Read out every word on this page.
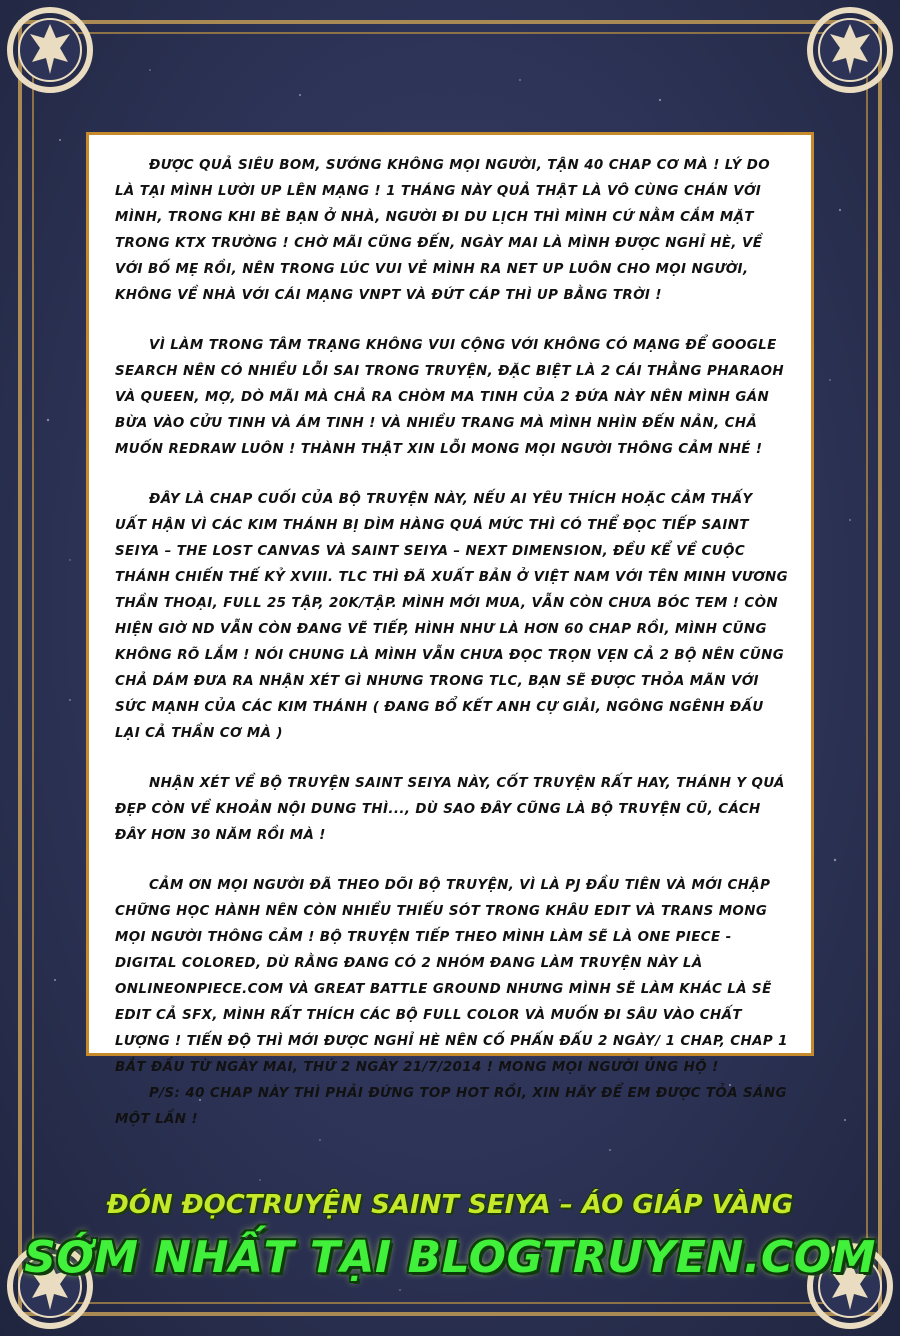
ĐƯỢC QUẢ SIÊU BOM, SƯỚNG KHÔNG MỌI NGƯỜI, TẬN 40 CHAP CƠ MÀ ! LÝ DO LÀ TẠI MÌNH LƯỜI UP LÊN MẠNG ! 1 THÁNG NÀY QUẢ THẬT LÀ VÔ CÙNG CHÁN VỚI MÌNH, TRONG KHI BÈ BẠN Ở NHÀ, NGƯỜI ĐI DU LỊCH THÌ MÌNH CỨ NẰM CẮM MẶT TRONG KTX TRƯỜNG ! CHỜ MÃI CŨNG ĐẾN, NGÀY MAI LÀ MÌNH ĐƯỢC NGHỈ HÈ, VỀ VỚI BỐ MẸ RỒI, NÊN TRONG LÚC VUI VẺ MÌNH RA NET UP LUÔN CHO MỌI NGƯỜI, KHÔNG VỀ NHÀ VỚI CÁI MẠNG VNPT VÀ ĐỨT CÁP THÌ UP BẰNG TRỜI !

VÌ LÀM TRONG TÂM TRẠNG KHÔNG VUI CỘNG VỚI KHÔNG CÓ MẠNG ĐỂ GOOGLE SEARCH NÊN CÓ NHIỀU LỖI SAI TRONG TRUYỆN, ĐẶC BIỆT LÀ 2 CÁI THẰNG PHARAOH VÀ QUEEN, MỢ, DÒ MÃI MÀ CHẢ RA CHÒM MA TINH CỦA 2 ĐỨA NÀY NÊN MÌNH GÁN BỪA VÀO CỬU TINH VÀ ÁM TINH ! VÀ NHIỀU TRANG MÀ MÌNH NHÌN ĐẾN NẢN, CHẢ MUỐN REDRAW LUÔN ! THÀNH THẬT XIN LỖI MONG MỌI NGƯỜI THÔNG CẢM NHÉ !

ĐÂY LÀ CHAP CUỐI CỦA BỘ TRUYỆN NÀY, NẾU AI YÊU THÍCH HOẶC CẢM THẤY UẤT HẬN VÌ CÁC KIM THÁNH BỊ DÌM HÀNG QUÁ MỨC THÌ CÓ THỂ ĐỌC TIẾP SAINT SEIYA – THE LOST CANVAS VÀ SAINT SEIYA – NEXT DIMENSION, ĐỀU KỂ VỀ CUỘC THÁNH CHIẾN THẾ KỶ XVIII. TLC THÌ ĐÃ XUẤT BẢN Ở VIỆT NAM VỚI TÊN MINH VƯƠNG THẦN THOẠI, FULL 25 TẬP, 20K/TẬP. MÌNH MỚI MUA, VẪN CÒN CHƯA BÓC TEM ! CÒN HIỆN GIỜ ND VẪN CÒN ĐANG VẼ TIẾP, HÌNH NHƯ LÀ HƠN 60 CHAP RỒI, MÌNH CŨNG KHÔNG RÕ LẮM ! NÓI CHUNG LÀ MÌNH VẪN CHƯA ĐỌC TRỌN VẸN CẢ 2 BỘ NÊN CŨNG CHẢ DÁM ĐƯA RA NHẬN XÉT GÌ NHƯNG TRONG TLC, BẠN SẼ ĐƯỢC THỎA MÃN VỚI SỨC MẠNH CỦA CÁC KIM THÁNH ( ĐANG BỔ KẾT ANH CỰ GIẢI, NGÔNG NGÊNH ĐẤU LẠI CẢ THẦN CƠ MÀ )

NHẬN XÉT VỀ BỘ TRUYỆN SAINT SEIYA NÀY, CỐT TRUYỆN RẤT HAY, THÁNH Y QUÁ ĐẸP CÒN VỀ KHOẢN NỘI DUNG THÌ..., DÙ SAO ĐÂY CŨNG LÀ BỘ TRUYỆN CŨ, CÁCH ĐÂY HƠN 30 NĂM RỒI MÀ !

CẢM ƠN MỌI NGƯỜI ĐÃ THEO DÕI BỘ TRUYỆN, VÌ LÀ PJ ĐẦU TIÊN VÀ MỚI CHẬP CHỮNG HỌC HÀNH NÊN CÒN NHIỀU THIẾU SÓT TRONG KHÂU EDIT VÀ TRANS MONG MỌI NGƯỜI THÔNG CẢM ! BỘ TRUYỆN TIẾP THEO MÌNH LÀM SẼ LÀ ONE PIECE - DIGITAL COLORED, DÙ RẰNG ĐANG CÓ 2 NHÓM ĐANG LÀM TRUYỆN NÀY LÀ ONLINEONPIECE.COM VÀ GREAT BATTLE GROUND NHƯNG MÌNH SẼ LÀM KHÁC LÀ SẼ EDIT CẢ SFX, MÌNH RẤT THÍCH CÁC BỘ FULL COLOR VÀ MUỐN ĐI SÂU VÀO CHẤT LƯỢNG ! TIẾN ĐỘ THÌ MỚI ĐƯỢC NGHỈ HÈ NÊN CỐ PHẤN ĐẤU 2 NGÀY/ 1 CHAP, CHAP 1 BẮT ĐẦU TỪ NGÀY MAI, THỨ 2 NGÀY 21/7/2014 ! MONG MỌI NGƯỜI ỦNG HỘ !

P/S: 40 CHAP NÀY THÌ PHẢI ĐỨNG TOP HOT RỒI, XIN HÃY ĐỂ EM ĐƯỢC TỎA SÁNG MỘT LẦN !

ĐÓN ĐỌCTRUYỆN SAINT SEIYA – ÁO GIÁP VÀNG
SỚM NHẤT TẠI BLOGTRUYEN.COM
